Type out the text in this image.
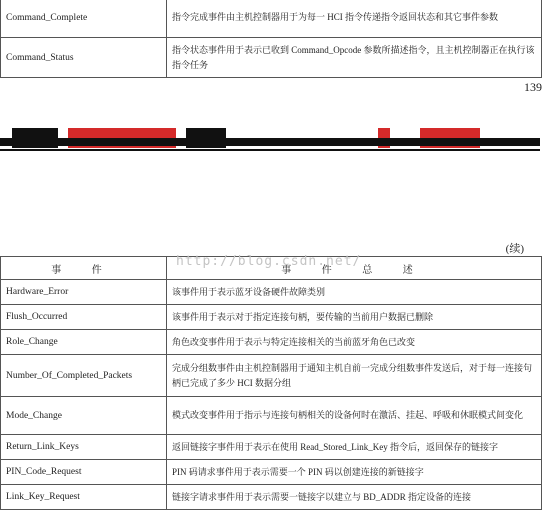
Command_Complete	指令完成事件由主机控制器用于为每一 HCI 指令传递指令返回状态和其它事件参数
Command_Status	指令状态事件用于表示已收到 Command_Opcode 参数所描述指令，且主机控制器正在执行该指令任务
139
(续)
事 件	事 件 总 述
Hardware_Error	该事件用于表示蓝牙设备硬件故障类别
Flush_Occurred	该事件用于表示对于指定连接句柄，要传输的当前用户数据已删除
Role_Change	角色改变事件用于表示与特定连接相关的当前蓝牙角色已改变
Number_Of_Completed_Packets	完成分组数事件由主机控制器用于通知主机自前一完成分组数事件发送后，对于每一连接句柄已完成了多少 HCI 数据分组
Mode_Change	模式改变事件用于指示与连接句柄相关的设备何时在激活、挂起、呼吸和休眠模式间变化
Return_Link_Keys	返回链接字事件用于表示在使用 Read_Stored_Link_Key 指令后，返回保存的链接字
PIN_Code_Request	PIN 码请求事件用于表示需要一个 PIN 码以创建连接的新链接字
Link_Key_Request	链接字请求事件用于表示需要一链接字以建立与 BD_ADDR 指定设备的连接
http://blog.csdn.net/
